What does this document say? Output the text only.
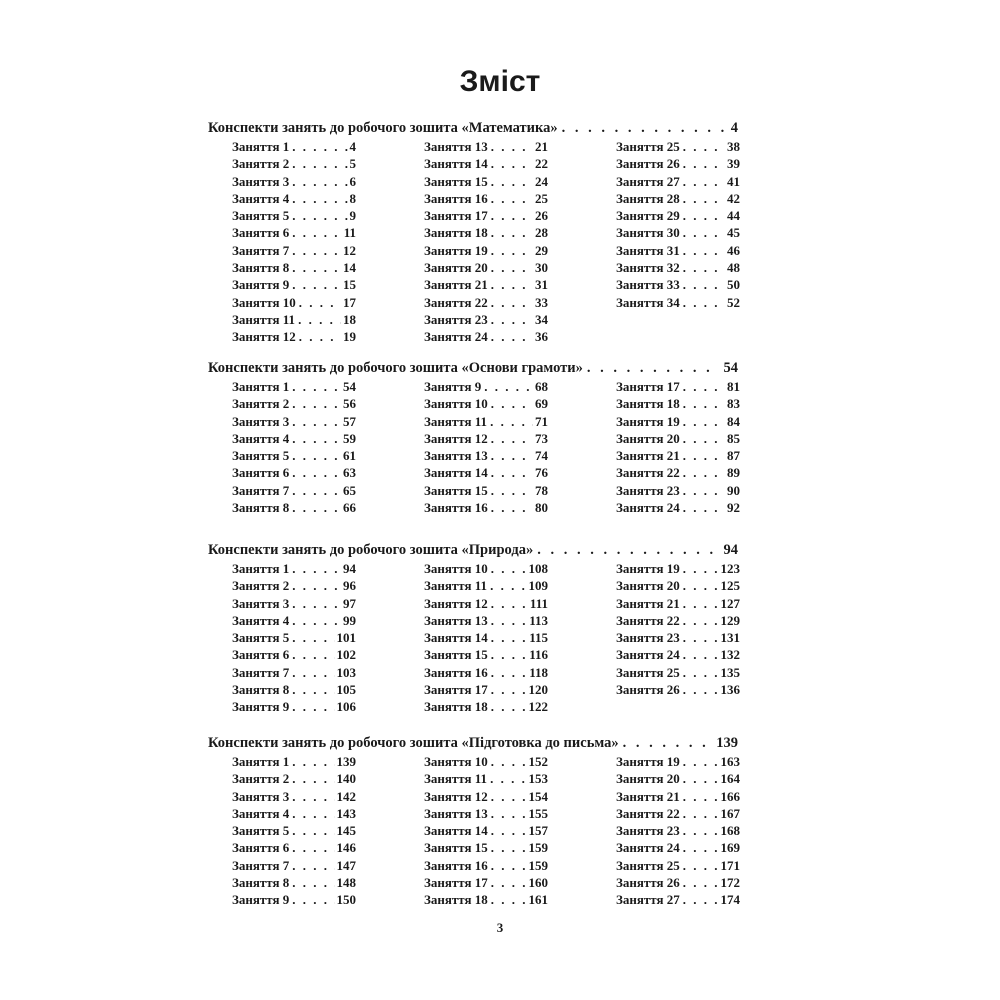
Зміст
Конспекти занять до робочого зошита «Математика» . . .	4
Заняття 1 . . .	4
Заняття 2 . . .	5
Заняття 3 . . .	6
Заняття 4 . . .	8
Заняття 5 . . .	9
Заняття 6 . . .	11
Заняття 7 . . .	12
Заняття 8 . . .	14
Заняття 9 . . .	15
Заняття 10 . . .	17
Заняття 11 . . .	18
Заняття 12 . . .	19
Заняття 13 . . .	21
Заняття 14 . . .	22
Заняття 15 . . .	24
Заняття 16 . . .	25
Заняття 17 . . .	26
Заняття 18 . . .	28
Заняття 19 . . .	29
Заняття 20 . . .	30
Заняття 21 . . .	31
Заняття 22 . . .	33
Заняття 23 . . .	34
Заняття 24 . . .	36
Заняття 25 . . .	38
Заняття 26 . . .	39
Заняття 27 . . .	41
Заняття 28 . . .	42
Заняття 29 . . .	44
Заняття 30 . . .	45
Заняття 31 . . .	46
Заняття 32 . . .	48
Заняття 33 . . .	50
Заняття 34 . . .	52
Конспекти занять до робочого зошита «Основи грамоти» . . .	54
Заняття 1 . . .	54
Заняття 2 . . .	56
Заняття 3 . . .	57
Заняття 4 . . .	59
Заняття 5 . . .	61
Заняття 6 . . .	63
Заняття 7 . . .	65
Заняття 8 . . .	66
Заняття 9 . . .	68
Заняття 10 . . .	69
Заняття 11 . . .	71
Заняття 12 . . .	73
Заняття 13 . . .	74
Заняття 14 . . .	76
Заняття 15 . . .	78
Заняття 16 . . .	80
Заняття 17 . . .	81
Заняття 18 . . .	83
Заняття 19 . . .	84
Заняття 20 . . .	85
Заняття 21 . . .	87
Заняття 22 . . .	89
Заняття 23 . . .	90
Заняття 24 . . .	92
Конспекти занять до робочого зошита «Природа» . . .	94
Заняття 1 . . .	94
Заняття 2 . . .	96
Заняття 3 . . .	97
Заняття 4 . . .	99
Заняття 5 . . .	101
Заняття 6 . . .	102
Заняття 7 . . .	103
Заняття 8 . . .	105
Заняття 9 . . .	106
Заняття 10 . . .	108
Заняття 11 . . .	109
Заняття 12 . . .	111
Заняття 13 . . .	113
Заняття 14 . . .	115
Заняття 15 . . .	116
Заняття 16 . . .	118
Заняття 17 . . .	120
Заняття 18 . . .	122
Заняття 19 . . .	123
Заняття 20 . . .	125
Заняття 21 . . .	127
Заняття 22 . . .	129
Заняття 23 . . .	131
Заняття 24 . . .	132
Заняття 25 . . .	135
Заняття 26 . . .	136
Конспекти занять до робочого зошита «Підготовка до письма» . . .	139
Заняття 1 . . .	139
Заняття 2 . . .	140
Заняття 3 . . .	142
Заняття 4 . . .	143
Заняття 5 . . .	145
Заняття 6 . . .	146
Заняття 7 . . .	147
Заняття 8 . . .	148
Заняття 9 . . .	150
Заняття 10 . . .	152
Заняття 11 . . .	153
Заняття 12 . . .	154
Заняття 13 . . .	155
Заняття 14 . . .	157
Заняття 15 . . .	159
Заняття 16 . . .	159
Заняття 17 . . .	160
Заняття 18 . . .	161
Заняття 19 . . .	163
Заняття 20 . . .	164
Заняття 21 . . .	166
Заняття 22 . . .	167
Заняття 23 . . .	168
Заняття 24 . . .	169
Заняття 25 . . .	171
Заняття 26 . . .	172
Заняття 27 . . .	174
3
